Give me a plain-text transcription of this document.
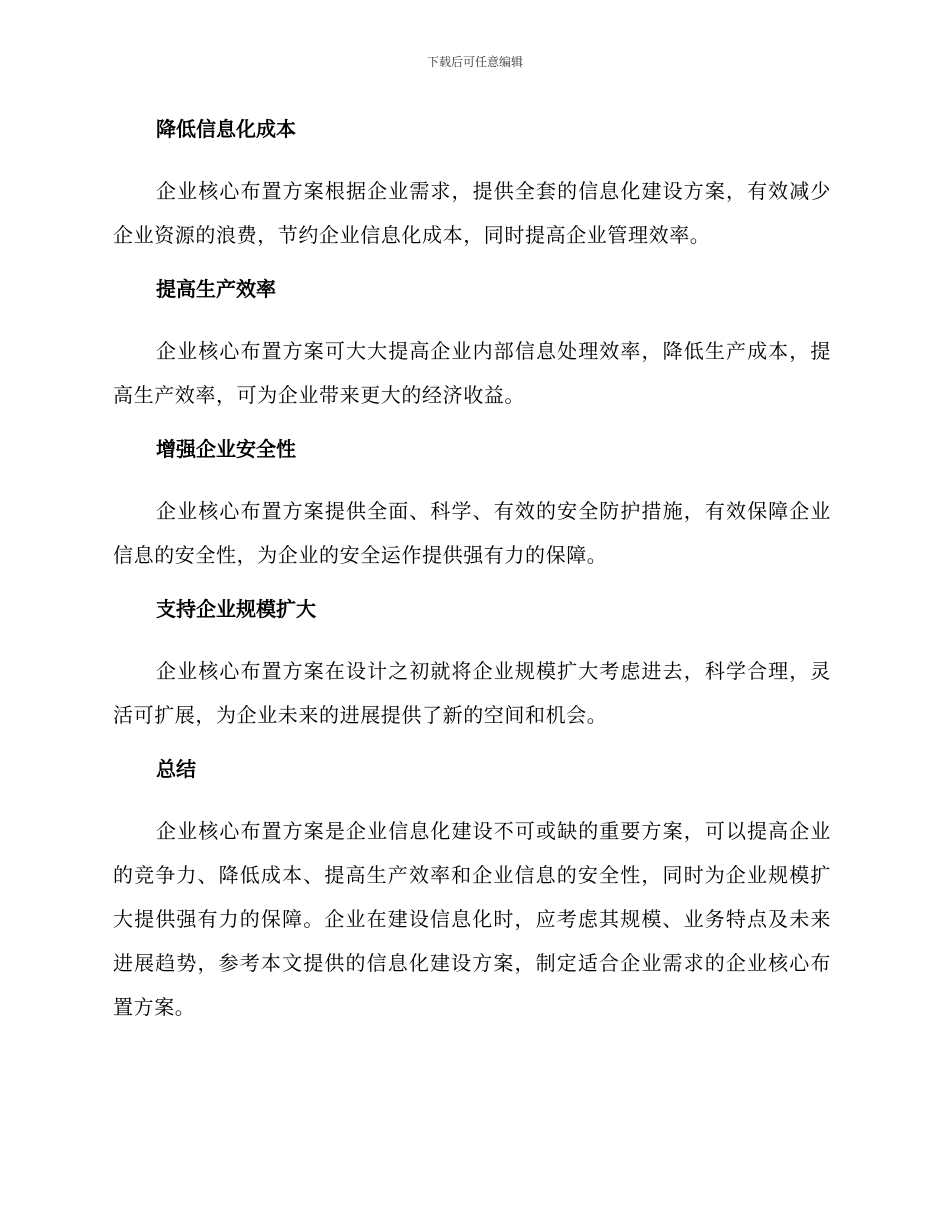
下载后可任意编辑
降低信息化成本

企业核心布置方案根据企业需求，提供全套的信息化建设方案，有效减少企业资源的浪费，节约企业信息化成本，同时提高企业管理效率。

提高生产效率

企业核心布置方案可大大提高企业内部信息处理效率，降低生产成本，提高生产效率，可为企业带来更大的经济收益。

增强企业安全性

企业核心布置方案提供全面、科学、有效的安全防护措施，有效保障企业信息的安全性，为企业的安全运作提供强有力的保障。

支持企业规模扩大

企业核心布置方案在设计之初就将企业规模扩大考虑进去，科学合理，灵活可扩展，为企业未来的进展提供了新的空间和机会。

总结

企业核心布置方案是企业信息化建设不可或缺的重要方案，可以提高企业的竞争力、降低成本、提高生产效率和企业信息的安全性，同时为企业规模扩大提供强有力的保障。企业在建设信息化时，应考虑其规模、业务特点及未来进展趋势，参考本文提供的信息化建设方案，制定适合企业需求的企业核心布置方案。
